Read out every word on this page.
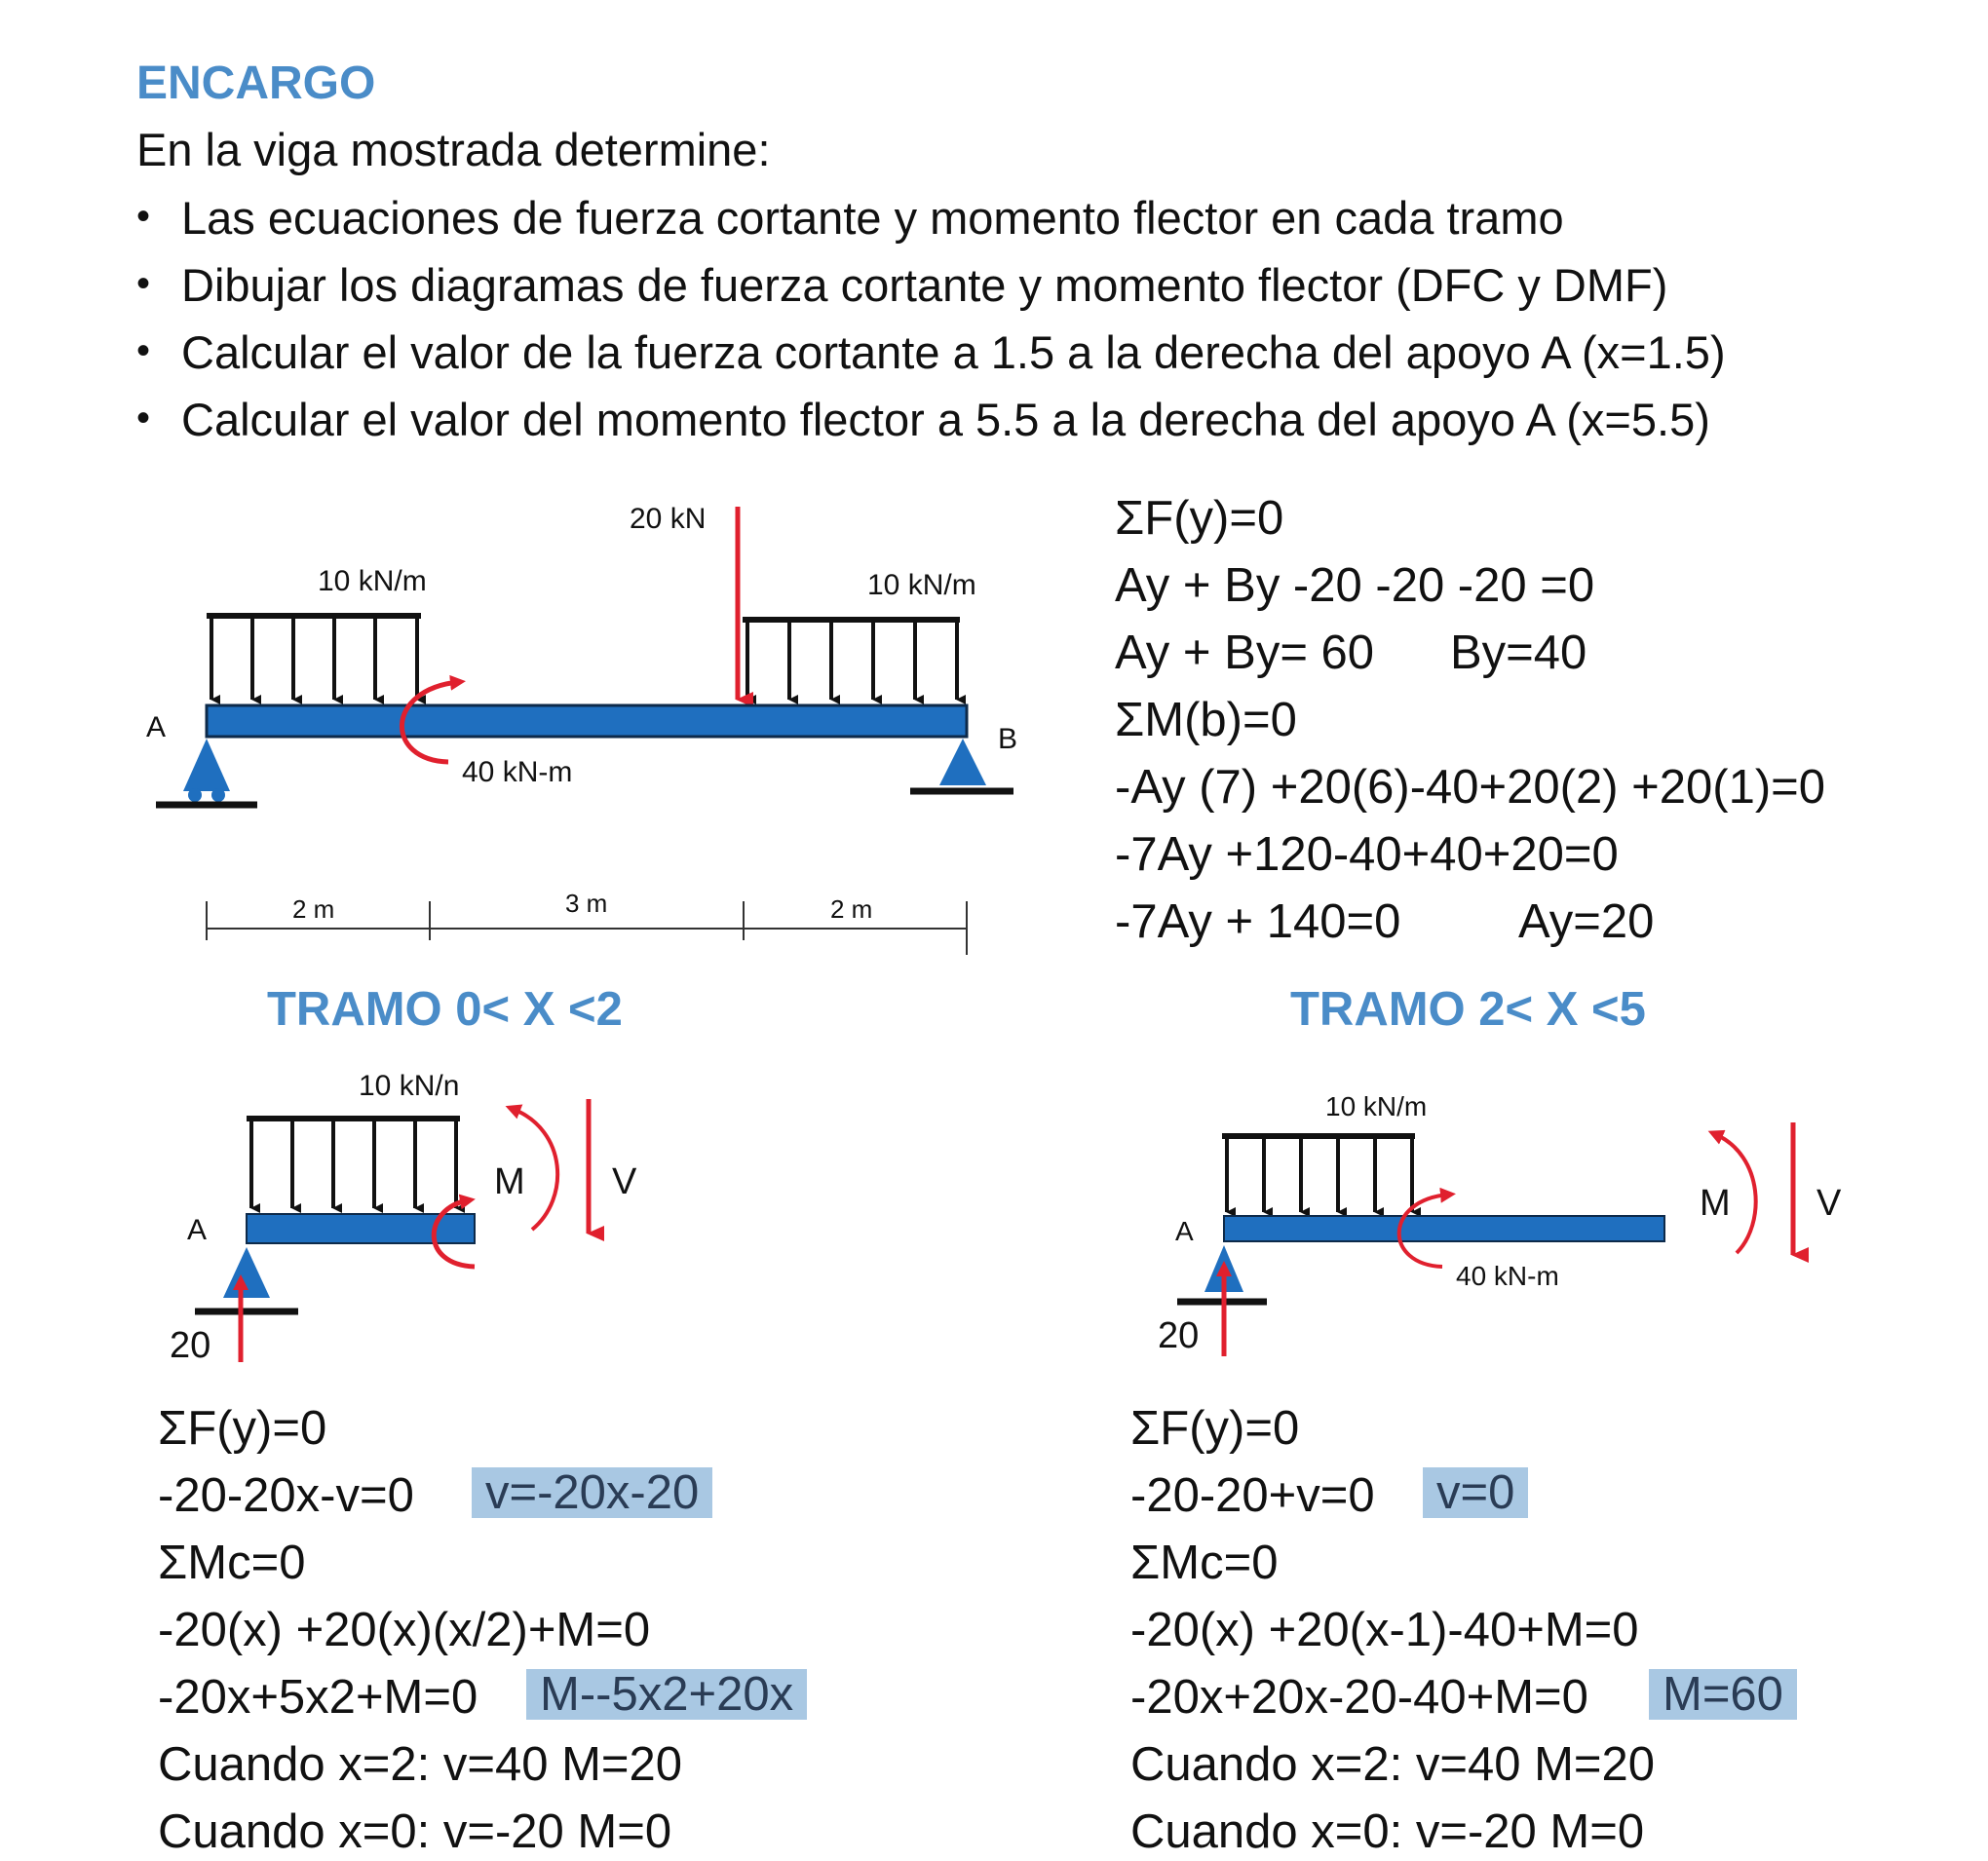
ENCARGO
En la viga mostrada determine:
• Las ecuaciones de fuerza cortante y momento flector en cada tramo
• Dibujar los diagramas de fuerza cortante y momento flector (DFC y DMF)
• Calcular el valor de la fuerza cortante a 1.5 a la derecha del apoyo A (x=1.5)
• Calcular el valor del momento flector a 5.5 a la derecha del apoyo A (x=5.5)
20 kN
10 kN/m	10 kN/m
40 kN-m
A	B
2 m	3 m	2 m
ΣF(y)=0
Ay + By -20 -20 -20 =0
Ay + By= 60 By=40
ΣM(b)=0
-Ay (7) +20(6)-40+20(2) +20(1)=0
-7Ay +120-40+40+20=0
-7Ay + 140=0 Ay=20
TRAMO 0< X <2
10 kN/n
A
20
M V
ΣF(y)=0
-20-20x-v=0 v=-20x-20
ΣMc=0
-20(x) +20(x)(x/2)+M=0
-20x+5x2+M=0 M--5x2+20x
Cuando x=2: v=40 M=20
Cuando x=0: v=-20 M=0
TRAMO 2< X <5
10 kN/m
40 kN-m
A
20
M V
ΣF(y)=0
-20-20+v=0 v=0
ΣMc=0
-20(x) +20(x-1)-40+M=0
-20x+20x-20-40+M=0 M=60
Cuando x=2: v=40 M=20
Cuando x=0: v=-20 M=0
